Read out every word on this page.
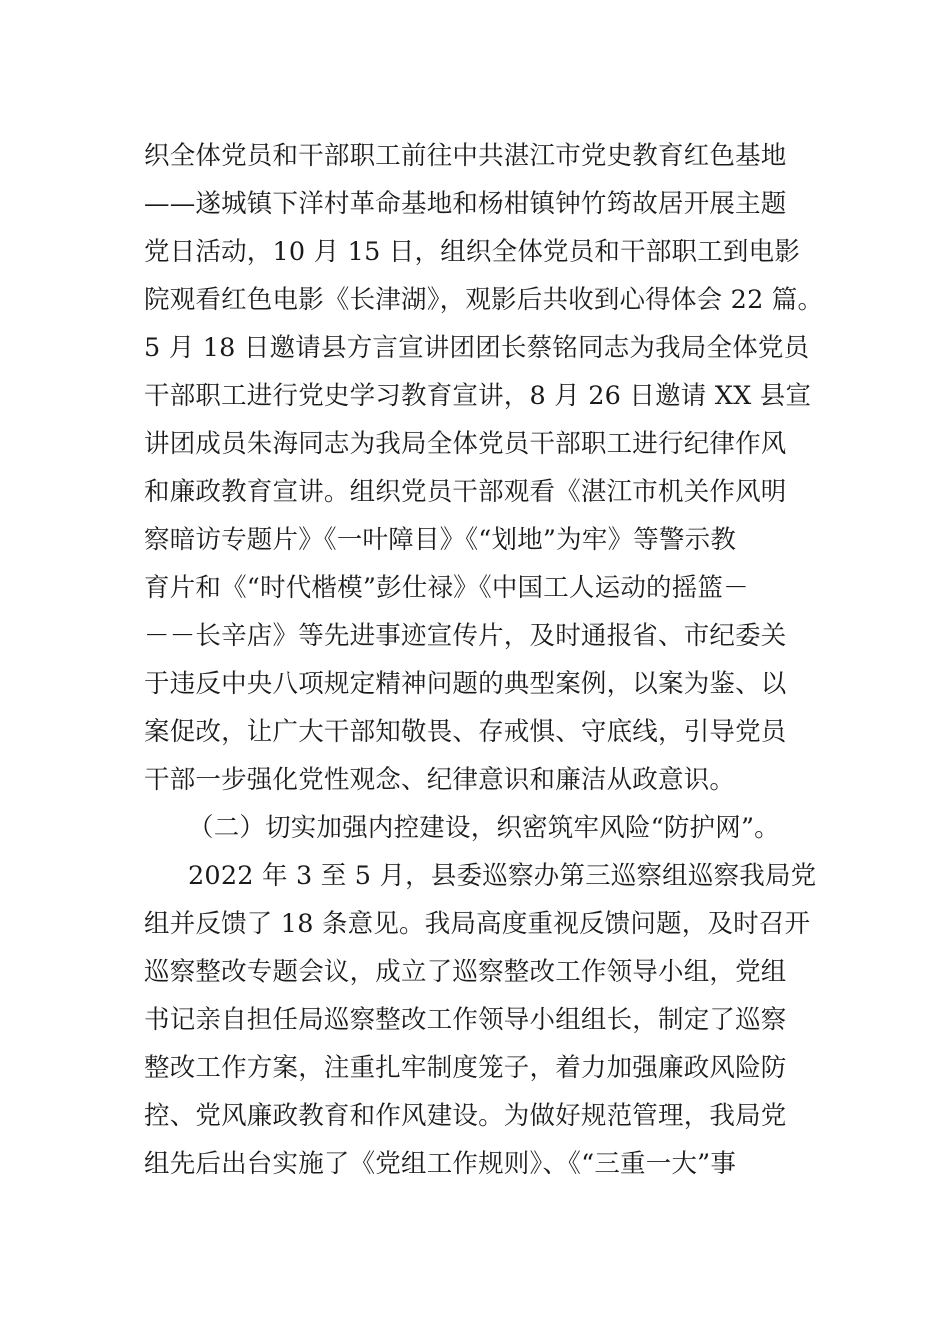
织全体党员和干部职工前往中共湛江市党史教育红色基地
——遂城镇下洋村革命基地和杨柑镇钟竹筠故居开展主题
党日活动，10 月 15 日，组织全体党员和干部职工到电影
院观看红色电影《长津湖》，观影后共收到心得体会 22 篇。
5 月 18 日邀请县方言宣讲团团长蔡铭同志为我局全体党员
干部职工进行党史学习教育宣讲，8 月 26 日邀请 XX 县宣
讲团成员朱海同志为我局全体党员干部职工进行纪律作风
和廉政教育宣讲。组织党员干部观看《湛江市机关作风明
察暗访专题片》《一叶障目》《“划地”为牢》等警示教
育片和《“时代楷模”彭仕禄》《中国工人运动的摇篮－
－－长辛店》等先进事迹宣传片，及时通报省、市纪委关
于违反中央八项规定精神问题的典型案例，以案为鉴、以
案促改，让广大干部知敬畏、存戒惧、守底线，引导党员
干部一步强化党性观念、纪律意识和廉洁从政意识。
（二）切实加强内控建设，织密筑牢风险“防护网”。
2022 年 3 至 5 月，县委巡察办第三巡察组巡察我局党
组并反馈了 18 条意见。我局高度重视反馈问题，及时召开
巡察整改专题会议，成立了巡察整改工作领导小组，党组
书记亲自担任局巡察整改工作领导小组组长，制定了巡察
整改工作方案，注重扎牢制度笼子，着力加强廉政风险防
控、党风廉政教育和作风建设。为做好规范管理，我局党
组先后出台实施了《党组工作规则》、《“三重一大”事
